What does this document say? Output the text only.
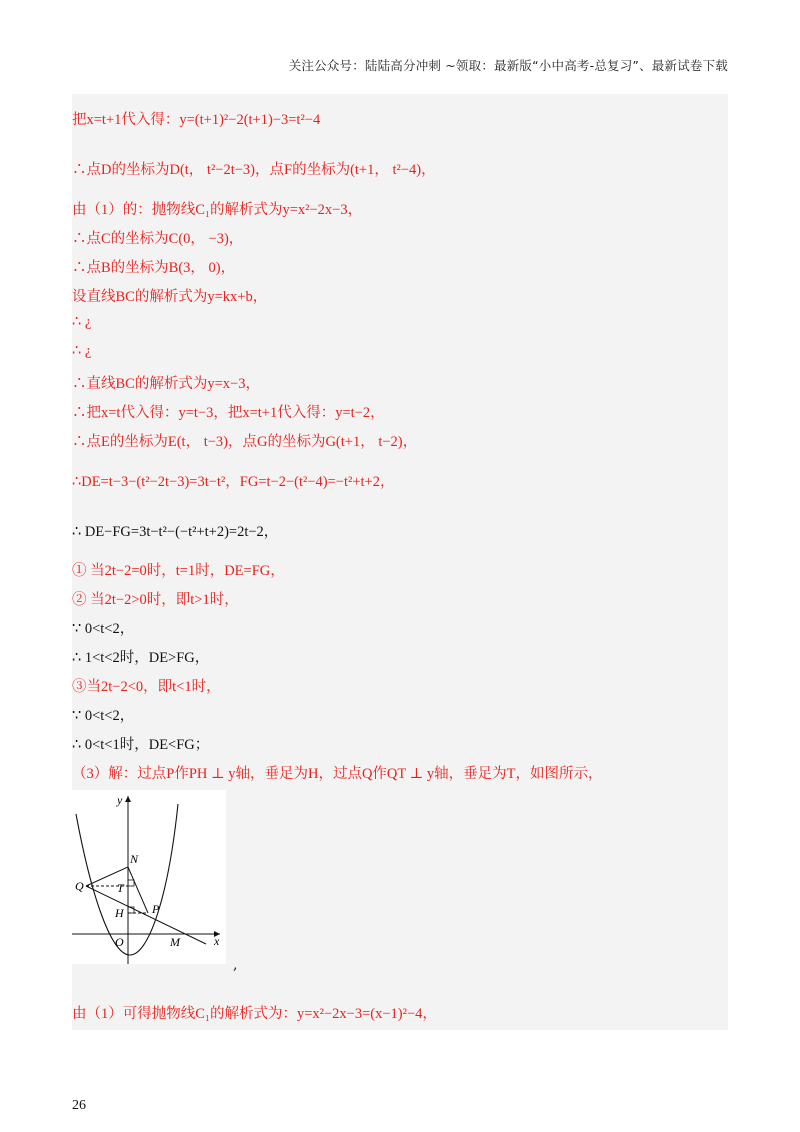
关注公众号：陆陆高分冲刺 ~领取：最新版“小中高考-总复习”、最新试卷下载
把x=t+1代入得：y=(t+1)²−2(t+1)−3=t²−4
∴点D的坐标为D(t， t²−2t−3)，点F的坐标为(t+1， t²−4)，
由（1）的：抛物线C₁的解析式为y=x²−2x−3，
∴点C的坐标为C(0， −3)，
∴点B的坐标为B(3， 0)，
设直线BC的解析式为y=kx+b，
∴ ¿
∴ ¿
∴直线BC的解析式为y=x−3，
∴把x=t代入得：y=t−3，把x=t+1代入得：y=t−2，
∴点E的坐标为E(t， t−3)，点G的坐标为G(t+1， t−2)，
∴DE=t−3−(t²−2t−3)=3t−t²，FG=t−2−(t²−4)=−t²+t+2，
∴ DE−FG=3t−t²−(−t²+t+2)=2t−2，
① 当2t−2=0时，t=1时，DE=FG，
② 当2t−2>0时，即t>1时，
∵ 0<t<2，
∴ 1<t<2时，DE>FG，
③当2t−2<0，即t<1时，
∵ 0<t<2，
∴ 0<t<1时，DE<FG；
（3）解：过点P作PH ⊥ y轴，垂足为H，过点Q作QT ⊥ y轴，垂足为T，如图所示，
y
x
O
N
Q	T
H P
M
,
由（1）可得抛物线C₁的解析式为：y=x²−2x−3=(x−1)²−4，
26
